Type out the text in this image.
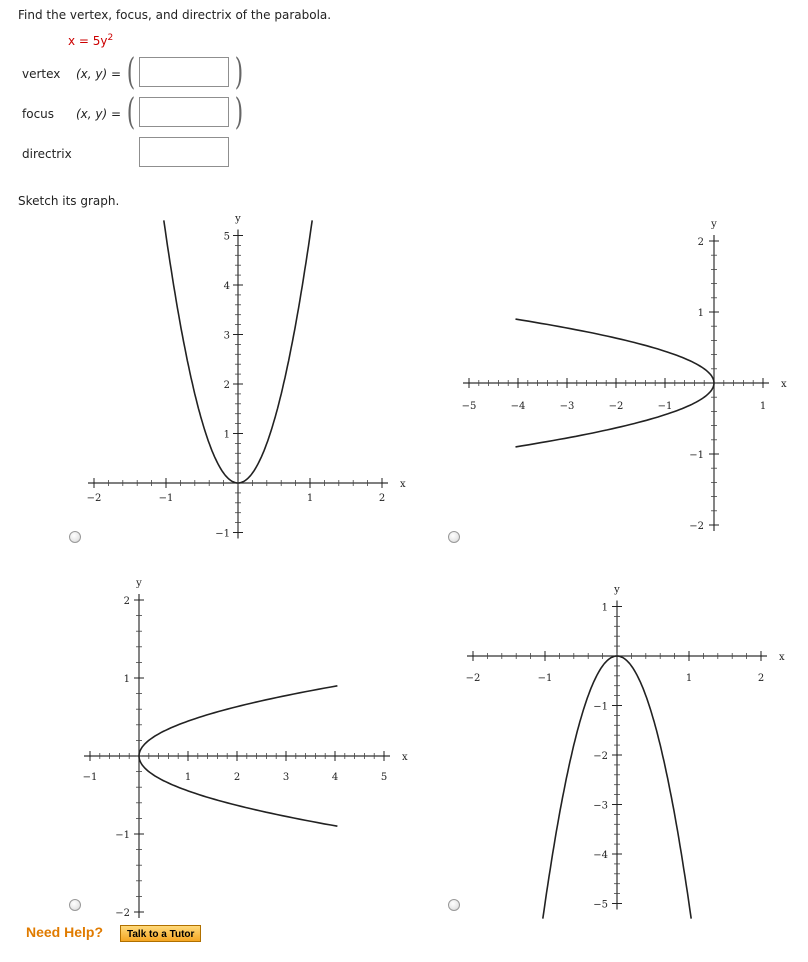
Find the vertex, focus, and directrix of the parabola.
$x = 5y^2$
vertex (x, y) = (	)
focus (x, y) = (	)
directrix
Sketch its graph.
−2	−1	1	2
−1
1
2
3
4
5
x
y
−5	−4	−3	−2	−1	1
−2
−1
1
2
x
y
−1	1	2	3	4	5
−2
−1
1
2
x
y
−2	−1	1	2
−5
−4
−3
−2
−1
1
x
y
Need Help?	Talk to a Tutor
